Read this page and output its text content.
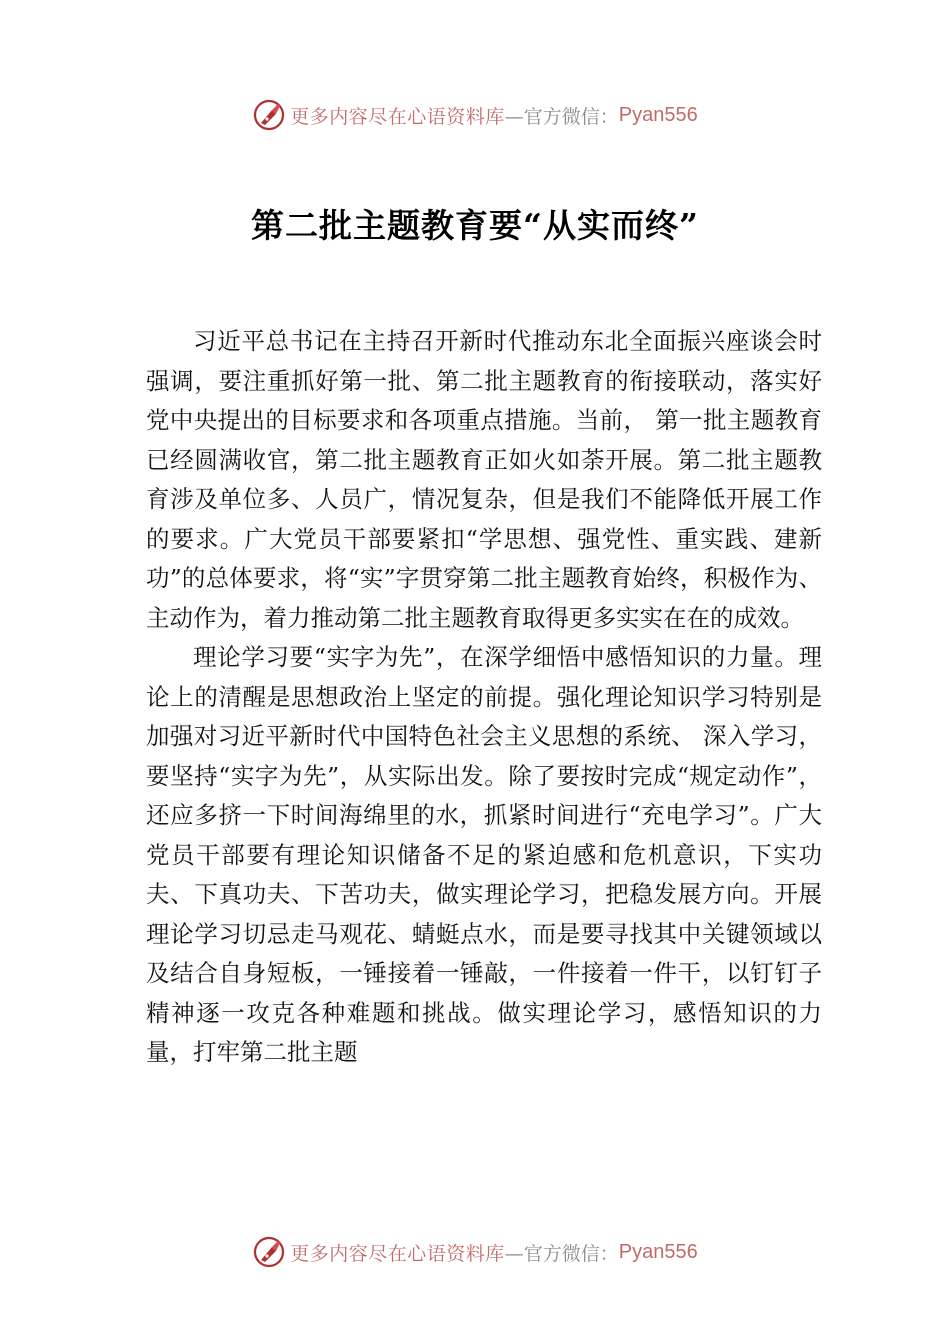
更多内容尽在心语资料库 —官方微信： Pyan556
第二批主题教育要“从实而终”

习近平总书记在主持召开新时代推动东北全面振兴座谈会时强调，要注重抓好第一批、第二批主题教育的衔接联动，落实好党中央提出的目标要求和各项重点措施。当前， 第一批主题教育已经圆满收官，第二批主题教育正如火如荼开展。第二批主题教育涉及单位多、人员广，情况复杂，但是我们不能降低开展工作的要求。广大党员干部要紧扣“学思想、强党性、重实践、建新功”的总体要求，将“实”字贯穿第二批主题教育始终，积极作为、主动作为，着力推动第二批主题教育取得更多实实在在的成效。

理论学习要“实字为先”，在深学细悟中感悟知识的力量。理论上的清醒是思想政治上坚定的前提。强化理论知识学习特别是加强对习近平新时代中国特色社会主义思想的系统、 深入学习，要坚持“实字为先”，从实际出发。除了要按时完成“规定动作”，还应多挤一下时间海绵里的水，抓紧时间进行“充电学习”。广大党员干部要有理论知识储备不足的紧迫感和危机意识，下实功夫、下真功夫、下苦功夫，做实理论学习，把稳发展方向。开展理论学习切忌走马观花、蜻蜓点水，而是要寻找其中关键领域以及结合自身短板，一锤接着一锤敲，一件接着一件干，以钉钉子精神逐一攻克各种难题和挑战。做实理论学习，感悟知识的力量，打牢第二批主题

更多内容尽在心语资料库 —官方微信： Pyan556
